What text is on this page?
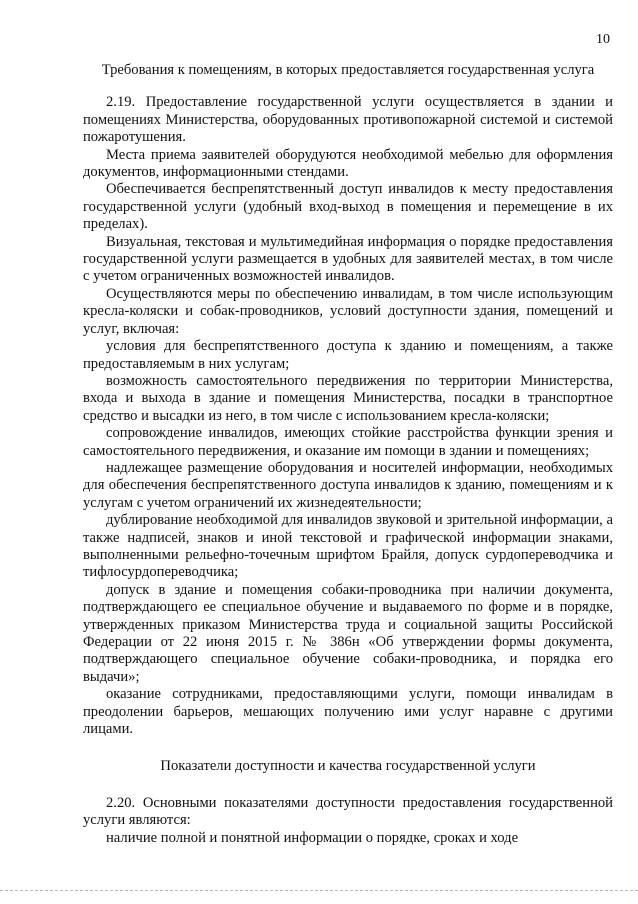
10

Требования к помещениям, в которых предоставляется государственная услуга

2.19. Предоставление государственной услуги осуществляется в здании и помещениях Министерства, оборудованных противопожарной системой и системой пожаротушения.

Места приема заявителей оборудуются необходимой мебелью для оформления документов, информационными стендами.

Обеспечивается беспрепятственный доступ инвалидов к месту предоставления государственной услуги (удобный вход-выход в помещения и перемещение в их пределах).

Визуальная, текстовая и мультимедийная информация о порядке предоставления государственной услуги размещается в удобных для заявителей местах, в том числе с учетом ограниченных возможностей инвалидов.

Осуществляются меры по обеспечению инвалидам, в том числе использующим кресла-коляски и собак-проводников, условий доступности здания, помещений и услуг, включая:

условия для беспрепятственного доступа к зданию и помещениям, а также предоставляемым в них услугам;

возможность самостоятельного передвижения по территории Министерства, входа и выхода в здание и помещения Министерства, посадки в транспортное средство и высадки из него, в том числе с использованием кресла-коляски;

сопровождение инвалидов, имеющих стойкие расстройства функции зрения и самостоятельного передвижения, и оказание им помощи в здании и помещениях;

надлежащее размещение оборудования и носителей информации, необходимых для обеспечения беспрепятственного доступа инвалидов к зданию, помещениям и к услугам с учетом ограничений их жизнедеятельности;

дублирование необходимой для инвалидов звуковой и зрительной информации, а также надписей, знаков и иной текстовой и графической информации знаками, выполненными рельефно-точечным шрифтом Брайля, допуск сурдопереводчика и тифлосурдопереводчика;

допуск в здание и помещения собаки-проводника при наличии документа, подтверждающего ее специальное обучение и выдаваемого по форме и в порядке, утвержденных приказом Министерства труда и социальной защиты Российской Федерации от 22 июня 2015 г. № 386н «Об утверждении формы документа, подтверждающего специальное обучение собаки-проводника, и порядка его выдачи»;

оказание сотрудниками, предоставляющими услуги, помощи инвалидам в преодолении барьеров, мешающих получению ими услуг наравне с другими лицами.

Показатели доступности и качества государственной услуги

2.20. Основными показателями доступности предоставления государственной услуги являются:

наличие полной и понятной информации о порядке, сроках и ходе
